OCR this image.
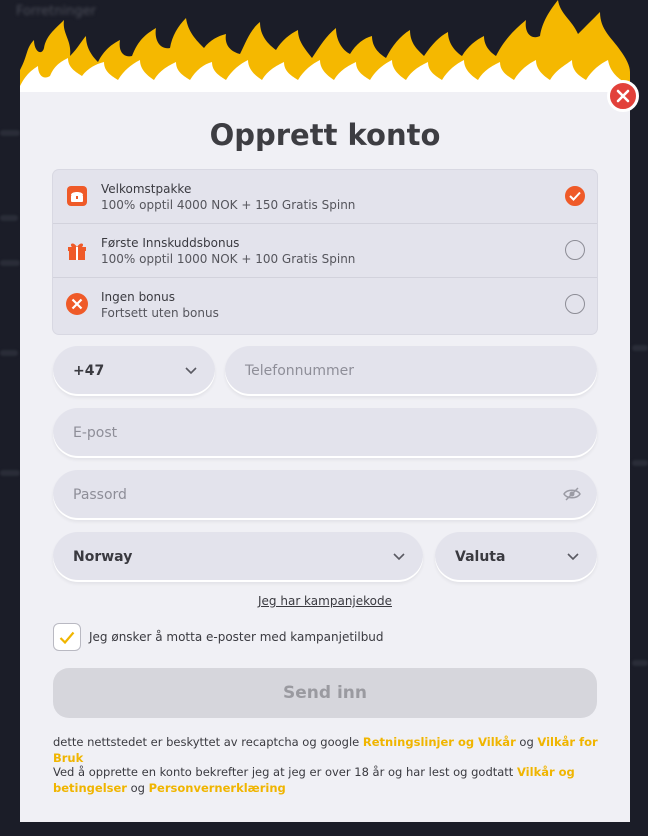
Forretninger
Opprett konto
Velkomstpakke
100% opptil 4000 NOK + 150 Gratis Spinn
Første Innskuddsbonus
100% opptil 1000 NOK + 100 Gratis Spinn
Ingen bonus
Fortsett uten bonus
+47	Telefonnummer
E-post
Passord
Norway	Valuta
Jeg har kampanjekode
Jeg ønsker å motta e-poster med kampanjetilbud
Send inn

dette nettstedet er beskyttet av recaptcha og google Retningslinjer og Vilkår og Vilkår for Bruk

Ved å opprette en konto bekrefter jeg at jeg er over 18 år og har lest og godtatt Vilkår og betingelser og Personvernerklæring
